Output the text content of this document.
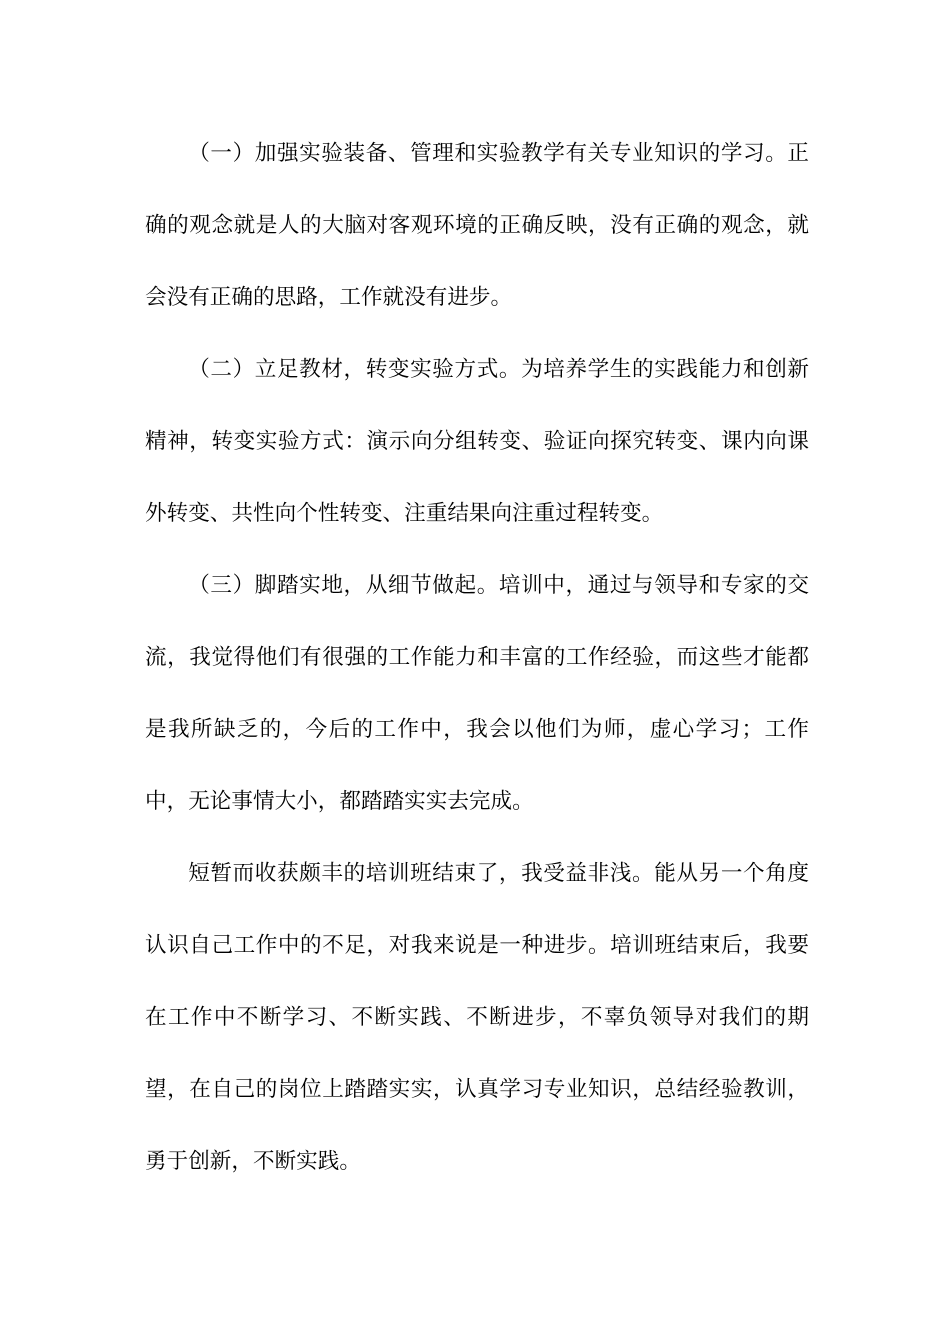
（一）加强实验装备、管理和实验教学有关专业知识的学习。正确的观念就是人的大脑对客观环境的正确反映，没有正确的观念，就会没有正确的思路，工作就没有进步。

（二）立足教材，转变实验方式。为培养学生的实践能力和创新精神，转变实验方式：演示向分组转变、验证向探究转变、课内向课外转变、共性向个性转变、注重结果向注重过程转变。

（三）脚踏实地，从细节做起。培训中，通过与领导和专家的交流，我觉得他们有很强的工作能力和丰富的工作经验，而这些才能都是我所缺乏的，今后的工作中，我会以他们为师，虚心学习；工作中，无论事情大小，都踏踏实实去完成。

短暂而收获颇丰的培训班结束了，我受益非浅。能从另一个角度认识自己工作中的不足，对我来说是一种进步。培训班结束后，我要在工作中不断学习、不断实践、不断进步，不辜负领导对我们的期望，在自己的岗位上踏踏实实，认真学习专业知识，总结经验教训，勇于创新，不断实践。
